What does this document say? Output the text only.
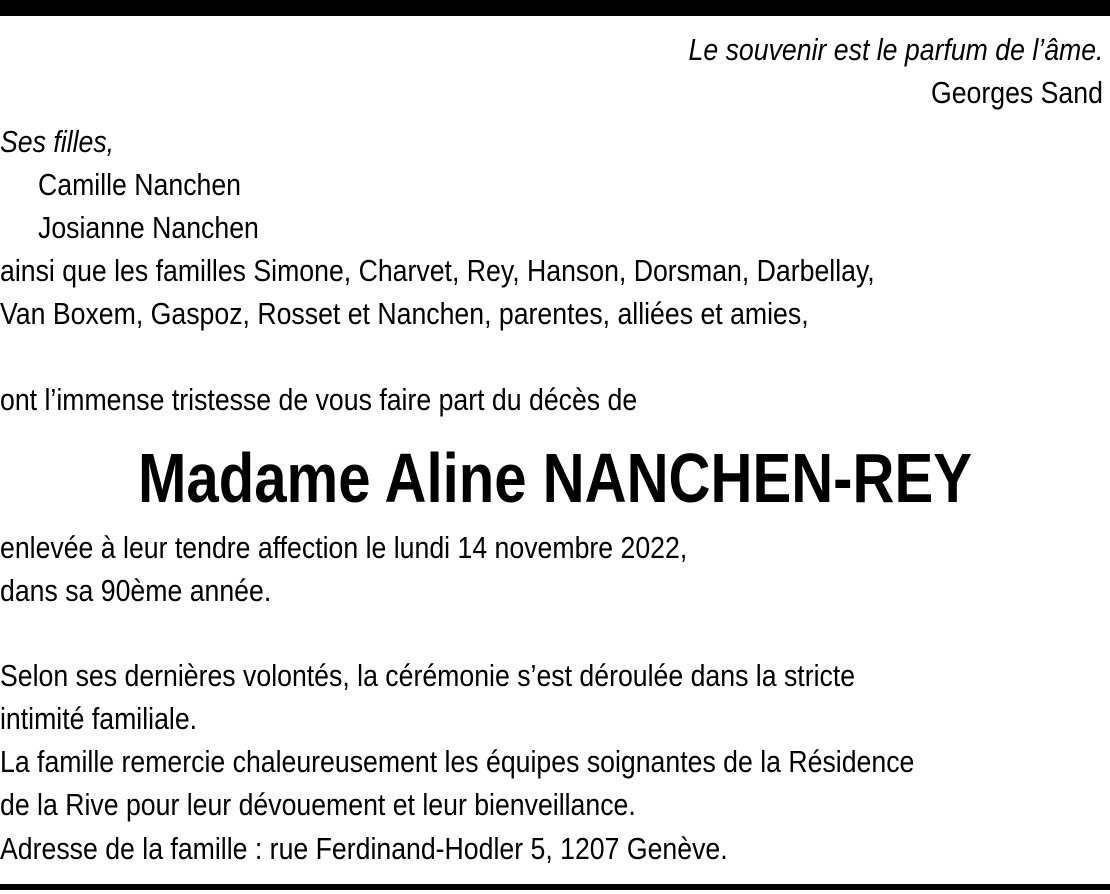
Le souvenir est le parfum de l’âme.
Georges Sand
Ses filles,
Camille Nanchen
Josianne Nanchen
ainsi que les familles Simone, Charvet, Rey, Hanson, Dorsman, Darbellay,
Van Boxem, Gaspoz, Rosset et Nanchen, parentes, alliées et amies,
ont l’immense tristesse de vous faire part du décès de
Madame Aline NANCHEN-REY
enlevée à leur tendre affection le lundi 14 novembre 2022,
dans sa 90ème année.
Selon ses dernières volontés, la cérémonie s’est déroulée dans la stricte
intimité familiale.
La famille remercie chaleureusement les équipes soignantes de la Résidence
de la Rive pour leur dévouement et leur bienveillance.
Adresse de la famille : rue Ferdinand-Hodler 5, 1207 Genève.
